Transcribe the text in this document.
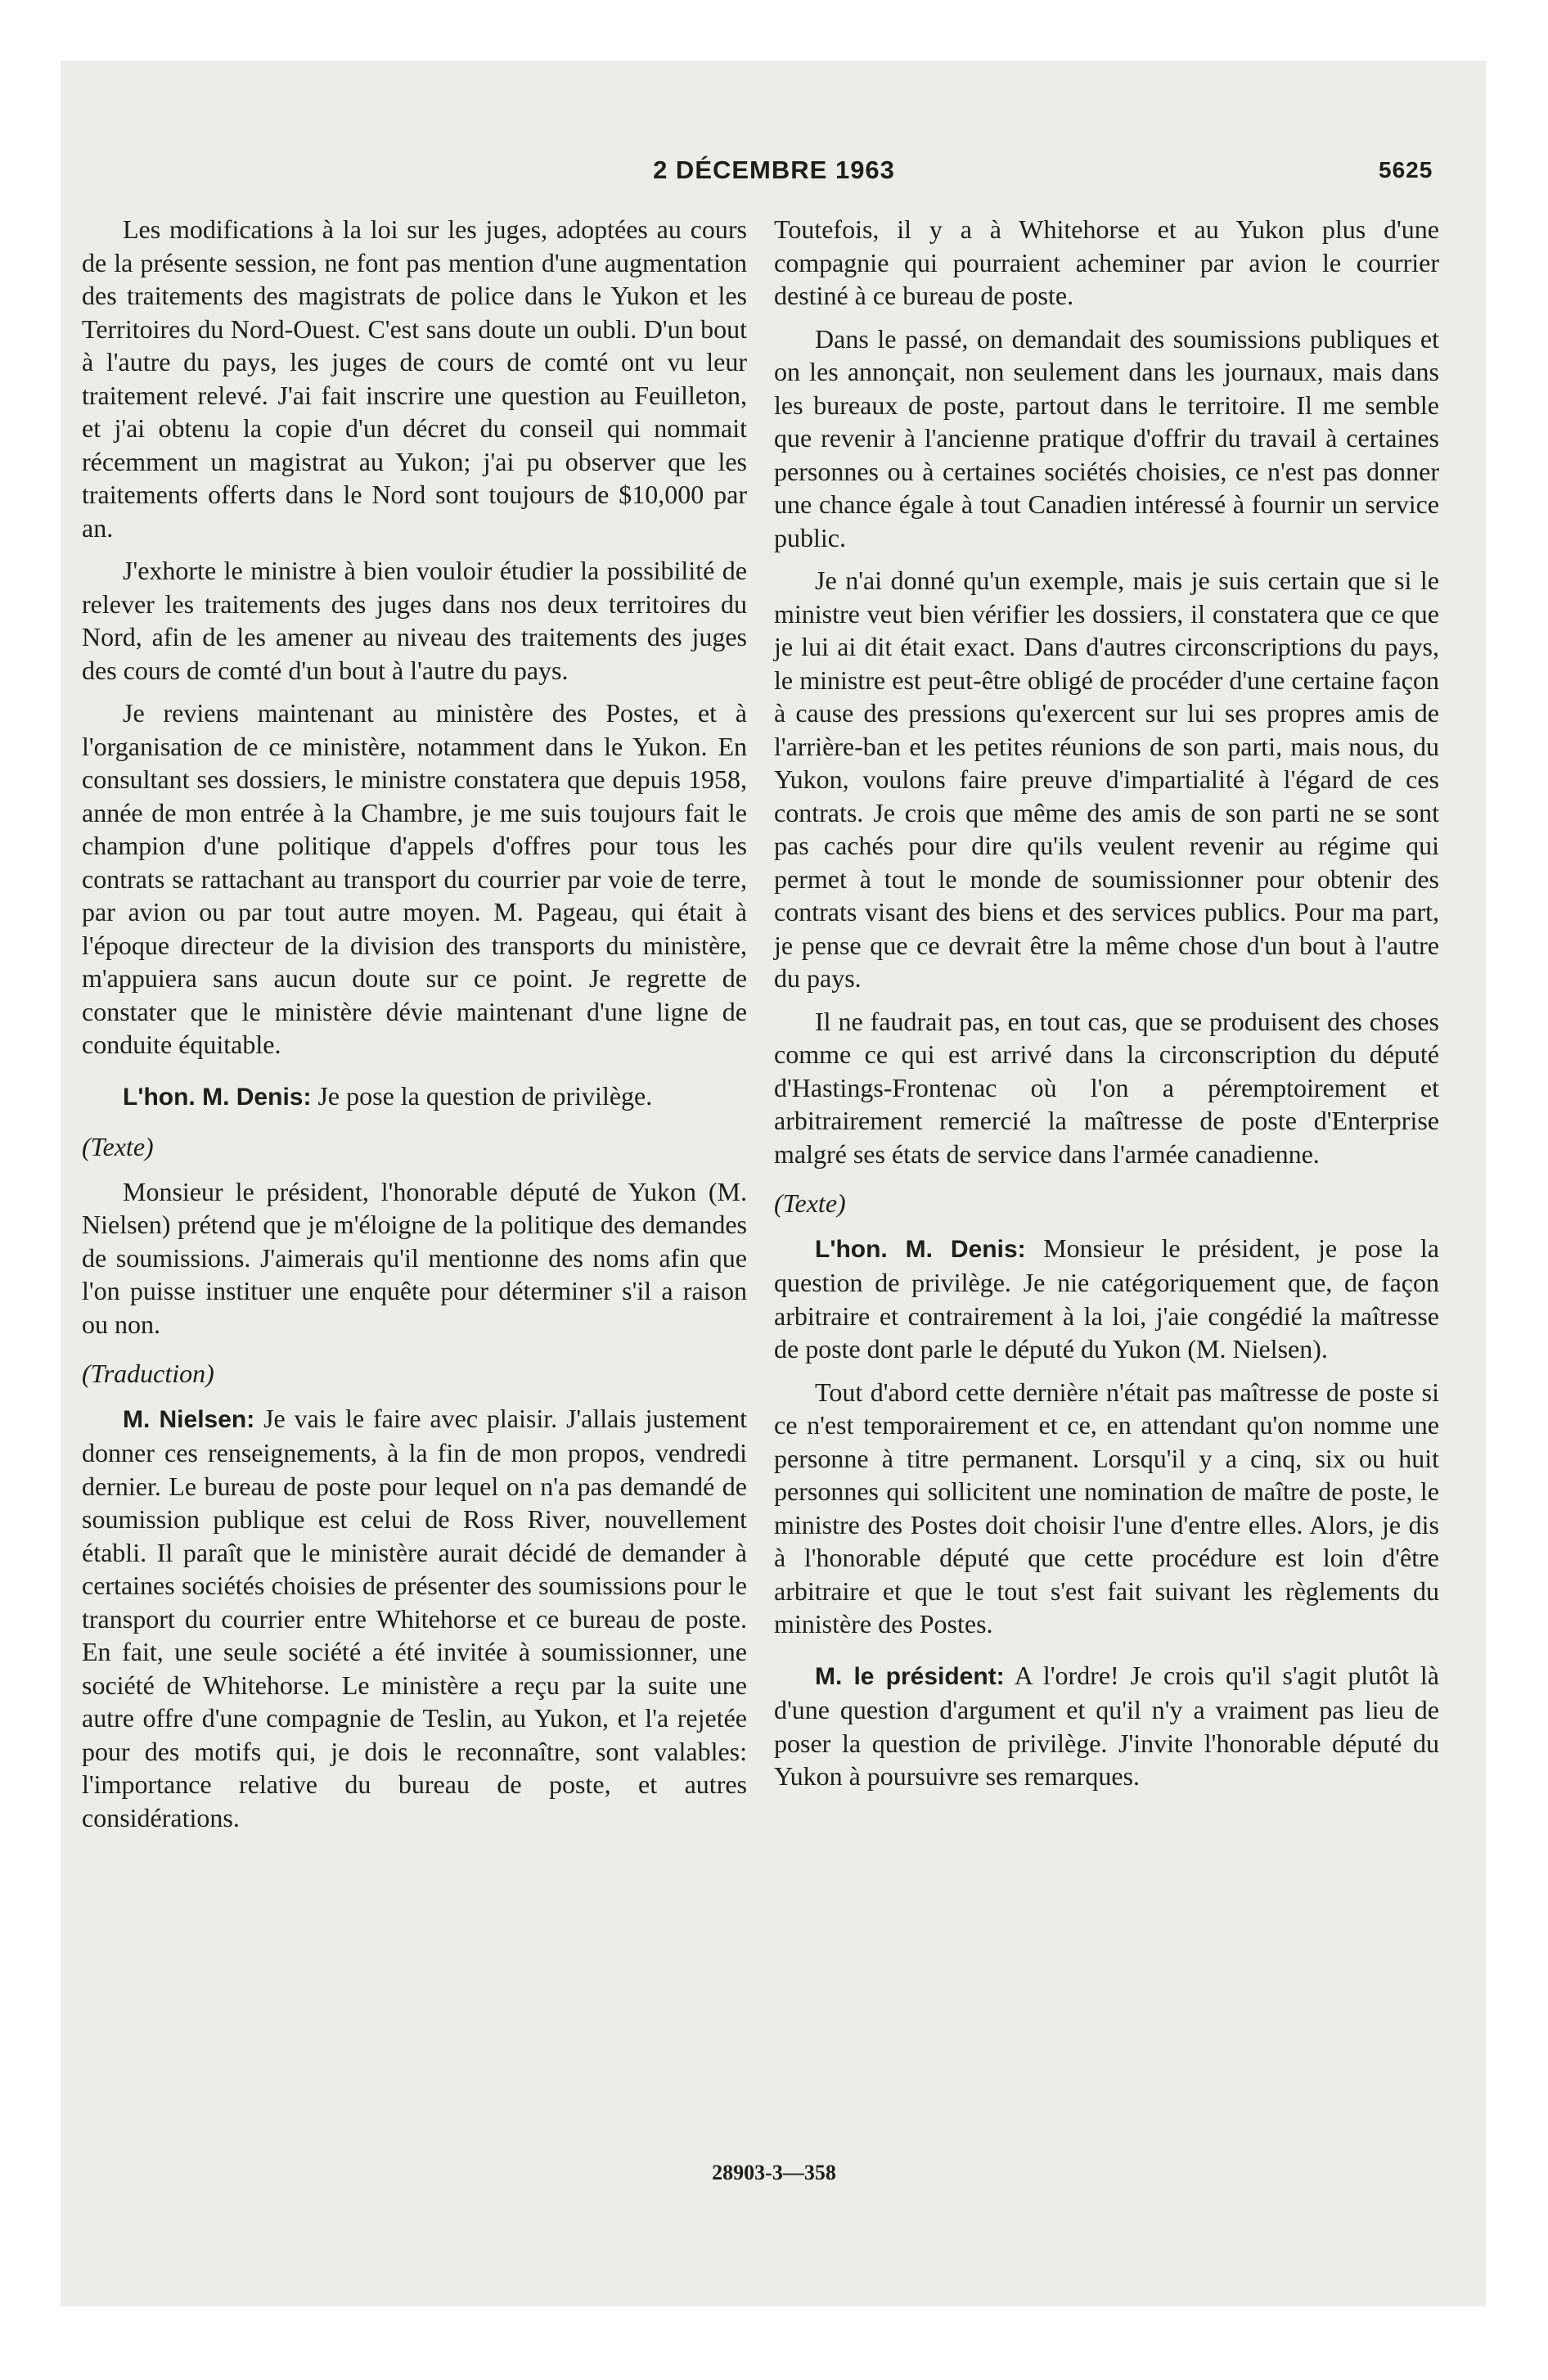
2 DÉCEMBRE 1963	5625

Les modifications à la loi sur les juges, adoptées au cours de la présente session, ne font pas mention d'une augmentation des traitements des magistrats de police dans le Yukon et les Territoires du Nord-Ouest. C'est sans doute un oubli. D'un bout à l'autre du pays, les juges de cours de comté ont vu leur traitement relevé. J'ai fait inscrire une question au Feuilleton, et j'ai obtenu la copie d'un décret du conseil qui nommait récemment un magistrat au Yukon; j'ai pu observer que les traitements offerts dans le Nord sont toujours de $10,000 par an.

J'exhorte le ministre à bien vouloir étudier la possibilité de relever les traitements des juges dans nos deux territoires du Nord, afin de les amener au niveau des traitements des juges des cours de comté d'un bout à l'autre du pays.

Je reviens maintenant au ministère des Postes, et à l'organisation de ce ministère, notamment dans le Yukon. En consultant ses dossiers, le ministre constatera que depuis 1958, année de mon entrée à la Chambre, je me suis toujours fait le champion d'une politique d'appels d'offres pour tous les contrats se rattachant au transport du courrier par voie de terre, par avion ou par tout autre moyen. M. Pageau, qui était à l'époque directeur de la division des transports du ministère, m'appuiera sans aucun doute sur ce point. Je regrette de constater que le ministère dévie maintenant d'une ligne de conduite équitable.

L'hon. M. Denis: Je pose la question de privilège.

(Texte)

Monsieur le président, l'honorable député de Yukon (M. Nielsen) prétend que je m'éloigne de la politique des demandes de soumissions. J'aimerais qu'il mentionne des noms afin que l'on puisse instituer une enquête pour déterminer s'il a raison ou non.

(Traduction)

M. Nielsen: Je vais le faire avec plaisir. J'allais justement donner ces renseignements, à la fin de mon propos, vendredi dernier. Le bureau de poste pour lequel on n'a pas demandé de soumission publique est celui de Ross River, nouvellement établi. Il paraît que le ministère aurait décidé de demander à certaines sociétés choisies de présenter des soumissions pour le transport du courrier entre Whitehorse et ce bureau de poste. En fait, une seule société a été invitée à soumissionner, une société de Whitehorse. Le ministère a reçu par la suite une autre offre d'une compagnie de Teslin, au Yukon, et l'a rejetée pour des motifs qui, je dois le reconnaître, sont valables: l'importance relative du bureau de poste, et autres considérations.

Toutefois, il y a à Whitehorse et au Yukon plus d'une compagnie qui pourraient acheminer par avion le courrier destiné à ce bureau de poste.

Dans le passé, on demandait des soumissions publiques et on les annonçait, non seulement dans les journaux, mais dans les bureaux de poste, partout dans le territoire. Il me semble que revenir à l'ancienne pratique d'offrir du travail à certaines personnes ou à certaines sociétés choisies, ce n'est pas donner une chance égale à tout Canadien intéressé à fournir un service public.

Je n'ai donné qu'un exemple, mais je suis certain que si le ministre veut bien vérifier les dossiers, il constatera que ce que je lui ai dit était exact. Dans d'autres circonscriptions du pays, le ministre est peut-être obligé de procéder d'une certaine façon à cause des pressions qu'exercent sur lui ses propres amis de l'arrière-ban et les petites réunions de son parti, mais nous, du Yukon, voulons faire preuve d'impartialité à l'égard de ces contrats. Je crois que même des amis de son parti ne se sont pas cachés pour dire qu'ils veulent revenir au régime qui permet à tout le monde de soumissionner pour obtenir des contrats visant des biens et des services publics. Pour ma part, je pense que ce devrait être la même chose d'un bout à l'autre du pays.

Il ne faudrait pas, en tout cas, que se produisent des choses comme ce qui est arrivé dans la circonscription du député d'Hastings-Frontenac où l'on a péremptoirement et arbitrairement remercié la maîtresse de poste d'Enterprise malgré ses états de service dans l'armée canadienne.

(Texte)

L'hon. M. Denis: Monsieur le président, je pose la question de privilège. Je nie catégoriquement que, de façon arbitraire et contrairement à la loi, j'aie congédié la maîtresse de poste dont parle le député du Yukon (M. Nielsen).

Tout d'abord cette dernière n'était pas maîtresse de poste si ce n'est temporairement et ce, en attendant qu'on nomme une personne à titre permanent. Lorsqu'il y a cinq, six ou huit personnes qui sollicitent une nomination de maître de poste, le ministre des Postes doit choisir l'une d'entre elles. Alors, je dis à l'honorable député que cette procédure est loin d'être arbitraire et que le tout s'est fait suivant les règlements du ministère des Postes.

M. le président: A l'ordre! Je crois qu'il s'agit plutôt là d'une question d'argument et qu'il n'y a vraiment pas lieu de poser la question de privilège. J'invite l'honorable député du Yukon à poursuivre ses remarques.

28903-3—358
